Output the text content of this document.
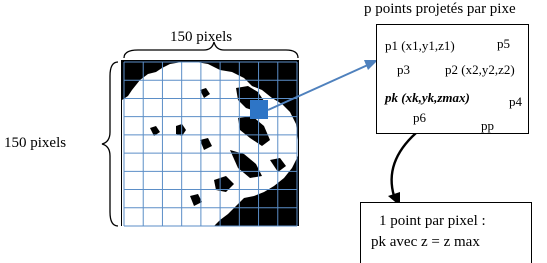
150 pixels
150 pixels
p points projetés par pixe
p1 (x1,y1,z1)	p5
p3	p2 (x2,y2,z2)
pk (xk,yk,zmax)	p4
p6
pp
1 point par pixel :
pk avec z = z max
